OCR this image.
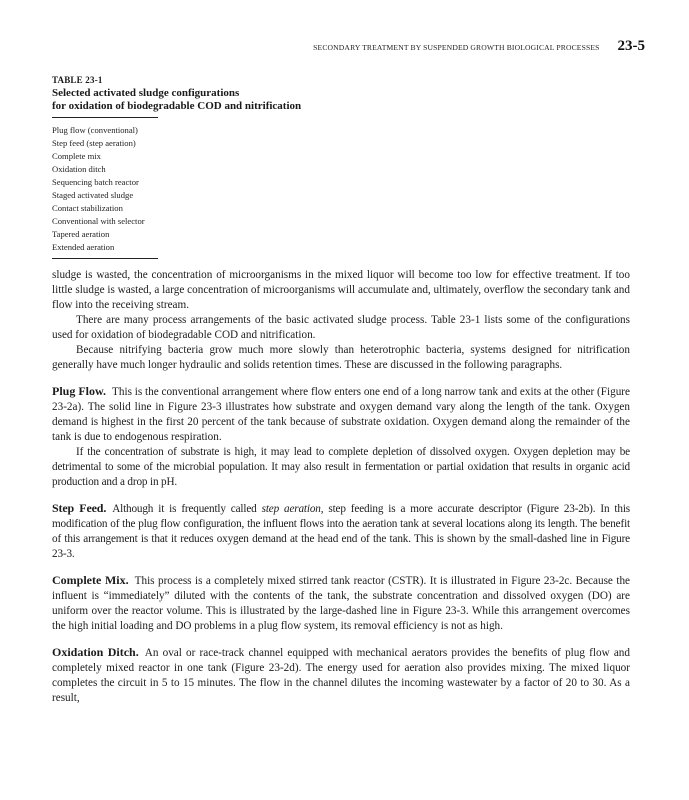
SECONDARY TREATMENT BY SUSPENDED GROWTH BIOLOGICAL PROCESSES 23-5
TABLE 23-1
Selected activated sludge configurations
for oxidation of biodegradable COD and nitrification
Plug flow (conventional)
Step feed (step aeration)
Complete mix
Oxidation ditch
Sequencing batch reactor
Staged activated sludge
Contact stabilization
Conventional with selector
Tapered aeration
Extended aeration

sludge is wasted, the concentration of microorganisms in the mixed liquor will become too low for effective treatment. If too little sludge is wasted, a large concentration of microorganisms will accumulate and, ultimately, overflow the secondary tank and flow into the receiving stream.

There are many process arrangements of the basic activated sludge process. Table 23-1 lists some of the configurations used for oxidation of biodegradable COD and nitrification.

Because nitrifying bacteria grow much more slowly than heterotrophic bacteria, systems designed for nitrification generally have much longer hydraulic and solids retention times. These are discussed in the following paragraphs.

Plug Flow. This is the conventional arrangement where flow enters one end of a long narrow tank and exits at the other (Figure 23-2a). The solid line in Figure 23-3 illustrates how substrate and oxygen demand vary along the length of the tank. Oxygen demand is highest in the first 20 percent of the tank because of substrate oxidation. Oxygen demand along the remainder of the tank is due to endogenous respiration.

If the concentration of substrate is high, it may lead to complete depletion of dissolved oxygen. Oxygen depletion may be detrimental to some of the microbial population. It may also result in fermentation or partial oxidation that results in organic acid production and a drop in pH.

Step Feed. Although it is frequently called step aeration, step feeding is a more accurate descriptor (Figure 23-2b). In this modification of the plug flow configuration, the influent flows into the aeration tank at several locations along its length. The benefit of this arrangement is that it reduces oxygen demand at the head end of the tank. This is shown by the small-dashed line in Figure 23-3.

Complete Mix. This process is a completely mixed stirred tank reactor (CSTR). It is illustrated in Figure 23-2c. Because the influent is “immediately” diluted with the contents of the tank, the substrate concentration and dissolved oxygen (DO) are uniform over the reactor volume. This is illustrated by the large-dashed line in Figure 23-3. While this arrangement overcomes the high initial loading and DO problems in a plug flow system, its removal efficiency is not as high.

Oxidation Ditch. An oval or race-track channel equipped with mechanical aerators provides the benefits of plug flow and completely mixed reactor in one tank (Figure 23-2d). The energy used for aeration also provides mixing. The mixed liquor completes the circuit in 5 to 15 minutes. The flow in the channel dilutes the incoming wastewater by a factor of 20 to 30. As a result,
